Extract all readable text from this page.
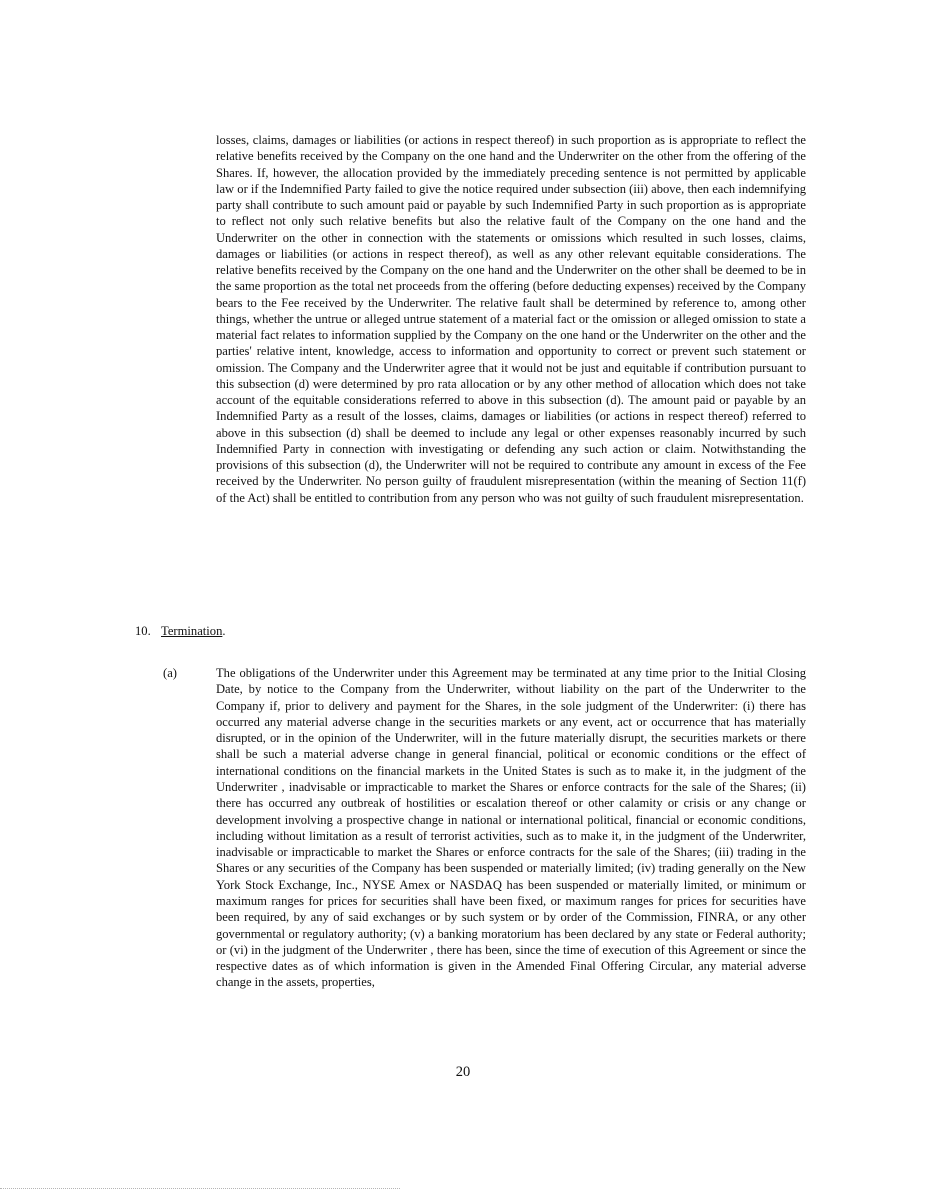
losses, claims, damages or liabilities (or actions in respect thereof) in such proportion as is appropriate to reflect the relative benefits received by the Company on the one hand and the Underwriter on the other from the offering of the Shares. If, however, the allocation provided by the immediately preceding sentence is not permitted by applicable law or if the Indemnified Party failed to give the notice required under subsection (iii) above, then each indemnifying party shall contribute to such amount paid or payable by such Indemnified Party in such proportion as is appropriate to reflect not only such relative benefits but also the relative fault of the Company on the one hand and the Underwriter on the other in connection with the statements or omissions which resulted in such losses, claims, damages or liabilities (or actions in respect thereof), as well as any other relevant equitable considerations. The relative benefits received by the Company on the one hand and the Underwriter on the other shall be deemed to be in the same proportion as the total net proceeds from the offering (before deducting expenses) received by the Company bears to the Fee received by the Underwriter. The relative fault shall be determined by reference to, among other things, whether the untrue or alleged untrue statement of a material fact or the omission or alleged omission to state a material fact relates to information supplied by the Company on the one hand or the Underwriter on the other and the parties' relative intent, knowledge, access to information and opportunity to correct or prevent such statement or omission. The Company and the Underwriter agree that it would not be just and equitable if contribution pursuant to this subsection (d) were determined by pro rata allocation or by any other method of allocation which does not take account of the equitable considerations referred to above in this subsection (d). The amount paid or payable by an Indemnified Party as a result of the losses, claims, damages or liabilities (or actions in respect thereof) referred to above in this subsection (d) shall be deemed to include any legal or other expenses reasonably incurred by such Indemnified Party in connection with investigating or defending any such action or claim. Notwithstanding the provisions of this subsection (d), the Underwriter will not be required to contribute any amount in excess of the Fee received by the Underwriter. No person guilty of fraudulent misrepresentation (within the meaning of Section 11(f) of the Act) shall be entitled to contribution from any person who was not guilty of such fraudulent misrepresentation.

10. Termination.

(a)	The obligations of the Underwriter under this Agreement may be terminated at any time prior to the Initial Closing Date, by notice to the Company from the Underwriter, without liability on the part of the Underwriter to the Company if, prior to delivery and payment for the Shares, in the sole judgment of the Underwriter: (i) there has occurred any material adverse change in the securities markets or any event, act or occurrence that has materially disrupted, or in the opinion of the Underwriter, will in the future materially disrupt, the securities markets or there shall be such a material adverse change in general financial, political or economic conditions or the effect of international conditions on the financial markets in the United States is such as to make it, in the judgment of the Underwriter , inadvisable or impracticable to market the Shares or enforce contracts for the sale of the Shares; (ii) there has occurred any outbreak of hostilities or escalation thereof or other calamity or crisis or any change or development involving a prospective change in national or international political, financial or economic conditions, including without limitation as a result of terrorist activities, such as to make it, in the judgment of the Underwriter, inadvisable or impracticable to market the Shares or enforce contracts for the sale of the Shares; (iii) trading in the Shares or any securities of the Company has been suspended or materially limited; (iv) trading generally on the New York Stock Exchange, Inc., NYSE Amex or NASDAQ has been suspended or materially limited, or minimum or maximum ranges for prices for securities shall have been fixed, or maximum ranges for prices for securities have been required, by any of said exchanges or by such system or by order of the Commission, FINRA, or any other governmental or regulatory authority; (v) a banking moratorium has been declared by any state or Federal authority; or (vi) in the judgment of the Underwriter , there has been, since the time of execution of this Agreement or since the respective dates as of which information is given in the Amended Final Offering Circular, any material adverse change in the assets, properties,

20
